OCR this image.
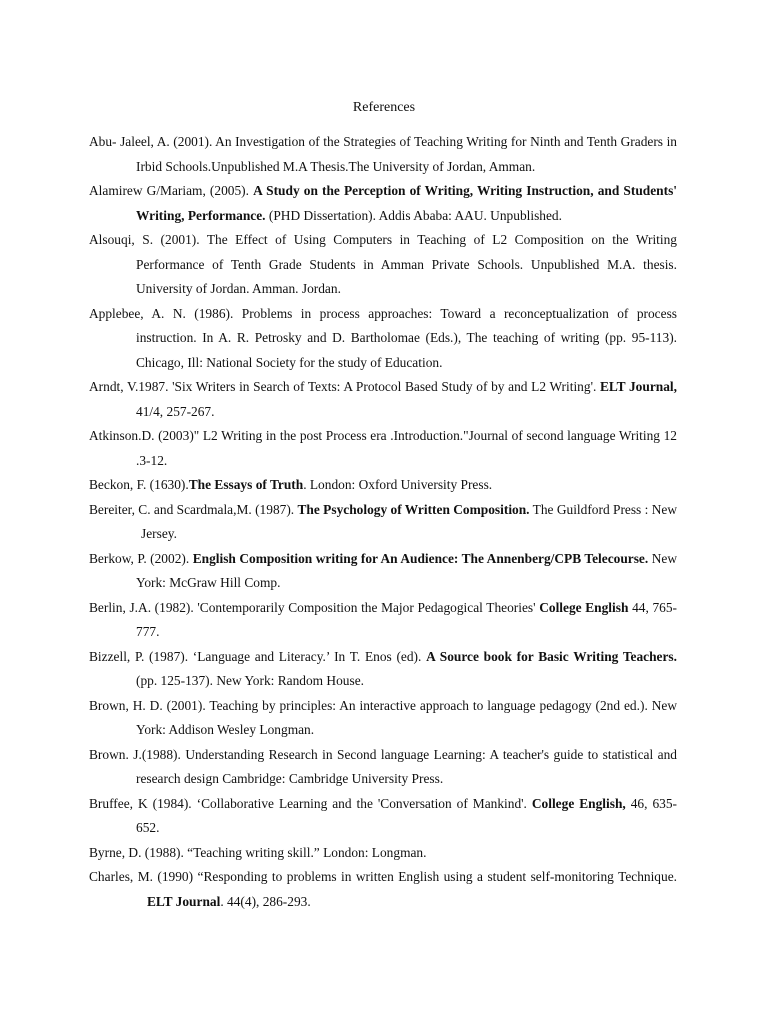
References

Abu- Jaleel, A. (2001). An Investigation of the Strategies of Teaching Writing for Ninth and Tenth Graders in Irbid Schools.Unpublished M.A Thesis.The University of Jordan, Amman.

Alamirew G/Mariam, (2005). A Study on the Perception of Writing, Writing Instruction, and Students' Writing, Performance. (PHD Dissertation). Addis Ababa: AAU. Unpublished.

Alsouqi, S. (2001). The Effect of Using Computers in Teaching of L2 Composition on the Writing Performance of Tenth Grade Students in Amman Private Schools. Unpublished M.A. thesis. University of Jordan. Amman. Jordan.

Applebee, A. N. (1986). Problems in process approaches: Toward a reconceptualization of process instruction. In A. R. Petrosky and D. Bartholomae (Eds.), The teaching of writing (pp. 95-113). Chicago, Ill: National Society for the study of Education.

Arndt, V.1987. 'Six Writers in Search of Texts: A Protocol Based Study of by and L2 Writing'. ELT Journal, 41/4, 257-267.

Atkinson.D. (2003)" L2 Writing in the post Process era .Introduction."Journal of second language Writing 12 .3-12.

Beckon, F. (1630).The Essays of Truth. London: Oxford University Press.

Bereiter, C. and Scardmala,M. (1987). The Psychology of Written Composition. The Guildford Press : New Jersey.

Berkow, P. (2002). English Composition writing for An Audience: The Annenberg/CPB Telecourse. New York: McGraw Hill Comp.

Berlin, J.A. (1982). 'Contemporarily Composition the Major Pedagogical Theories' College English 44, 765-777.

Bizzell, P. (1987). ‘Language and Literacy.’ In T. Enos (ed). A Source book for Basic Writing Teachers. (pp. 125-137). New York: Random House.

Brown, H. D. (2001). Teaching by principles: An interactive approach to language pedagogy (2nd ed.). New York: Addison Wesley Longman.

Brown. J.(1988). Understanding Research in Second language Learning: A teacher's guide to statistical and research design Cambridge: Cambridge University Press.

Bruffee, K (1984). ‘Collaborative Learning and the 'Conversation of Mankind'. College English, 46, 635-652.

Byrne, D. (1988). “Teaching writing skill.” London: Longman.

Charles, M. (1990) “Responding to problems in written English using a student self-monitoring Technique. ELT Journal. 44(4), 286-293.
